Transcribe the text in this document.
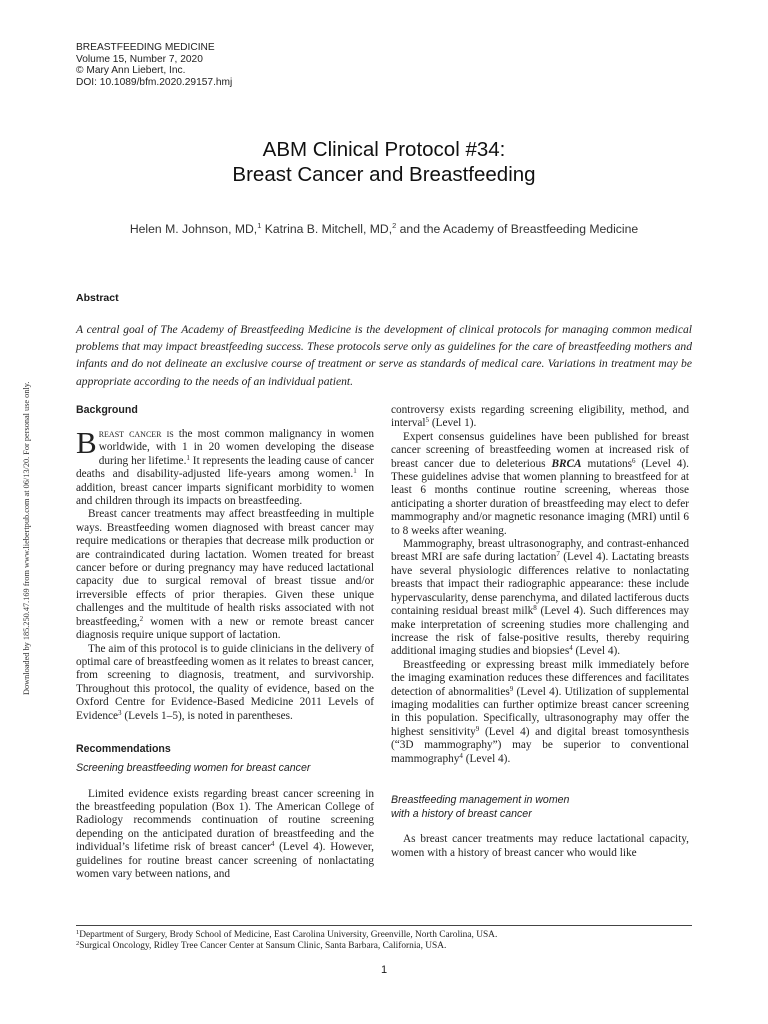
BREASTFEEDING MEDICINE
Volume 15, Number 7, 2020
© Mary Ann Liebert, Inc.
DOI: 10.1089/bfm.2020.29157.hmj
ABM Clinical Protocol #34:
Breast Cancer and Breastfeeding
Helen M. Johnson, MD,$^1$ Katrina B. Mitchell, MD,$^2$ and the Academy of Breastfeeding Medicine
Abstract
A central goal of The Academy of Breastfeeding Medicine is the development of clinical protocols for managing common medical problems that may impact breastfeeding success. These protocols serve only as guidelines for the care of breastfeeding mothers and infants and do not delineate an exclusive course of treatment or serve as standards of medical care. Variations in treatment may be appropriate according to the needs of an individual patient.
Downloaded by 185.250.47.169 from www.liebertpub.com at 06/13/20. For personal use only.	Background

Breast cancer is the most common malignancy in women worldwide, with 1 in 20 women developing the disease during her lifetime.$^1$ It represents the leading cause of cancer deaths and disability-adjusted life-years among women.$^1$ In addition, breast cancer imparts significant morbidity to women and children through its impacts on breastfeeding.

Breast cancer treatments may affect breastfeeding in multiple ways. Breastfeeding women diagnosed with breast cancer may require medications or therapies that decrease milk production or are contraindicated during lactation. Women treated for breast cancer before or during pregnancy may have reduced lactational capacity due to surgical removal of breast tissue and/or irreversible effects of prior therapies. Given these unique challenges and the multitude of health risks associated with not breastfeeding,$^2$ women with a new or remote breast cancer diagnosis require unique support of lactation.

The aim of this protocol is to guide clinicians in the delivery of optimal care of breastfeeding women as it relates to breast cancer, from screening to diagnosis, treatment, and survivorship. Throughout this protocol, the quality of evidence, based on the Oxford Centre for Evidence-Based Medicine 2011 Levels of Evidence$^3$ (Levels 1–5), is noted in parentheses.

Recommendations
Screening breastfeeding women for breast cancer

Limited evidence exists regarding breast cancer screening in the breastfeeding population (Box 1). The American College of Radiology recommends continuation of routine screening depending on the anticipated duration of breastfeeding and the individual’s lifetime risk of breast cancer$^4$ (Level 4). However, guidelines for routine breast cancer screening of nonlactating women vary between nations, and

controversy exists regarding screening eligibility, method, and interval$^5$ (Level 1).

Expert consensus guidelines have been published for breast cancer screening of breastfeeding women at increased risk of breast cancer due to deleterious BRCA mutations$^6$ (Level 4). These guidelines advise that women planning to breastfeed for at least 6 months continue routine screening, whereas those anticipating a shorter duration of breastfeeding may elect to defer mammography and/or magnetic resonance imaging (MRI) until 6 to 8 weeks after weaning.

Mammography, breast ultrasonography, and contrast-enhanced breast MRI are safe during lactation$^7$ (Level 4). Lactating breasts have several physiologic differences relative to nonlactating breasts that impact their radiographic appearance: these include hypervascularity, dense parenchyma, and dilated lactiferous ducts containing residual breast milk$^8$ (Level 4). Such differences may make interpretation of screening studies more challenging and increase the risk of false-positive results, thereby requiring additional imaging studies and biopsies$^4$ (Level 4).

Breastfeeding or expressing breast milk immediately before the imaging examination reduces these differences and facilitates detection of abnormalities$^9$ (Level 4). Utilization of supplemental imaging modalities can further optimize breast cancer screening in this population. Specifically, ultrasonography may offer the highest sensitivity$^9$ (Level 4) and digital breast tomosynthesis (“3D mammography”) may be superior to conventional mammography$^4$ (Level 4).

Breastfeeding management in women
with a history of breast cancer

As breast cancer treatments may reduce lactational capacity, women with a history of breast cancer who would like

$^1$Department of Surgery, Brody School of Medicine, East Carolina University, Greenville, North Carolina, USA.
$^2$Surgical Oncology, Ridley Tree Cancer Center at Sansum Clinic, Santa Barbara, California, USA.
1
